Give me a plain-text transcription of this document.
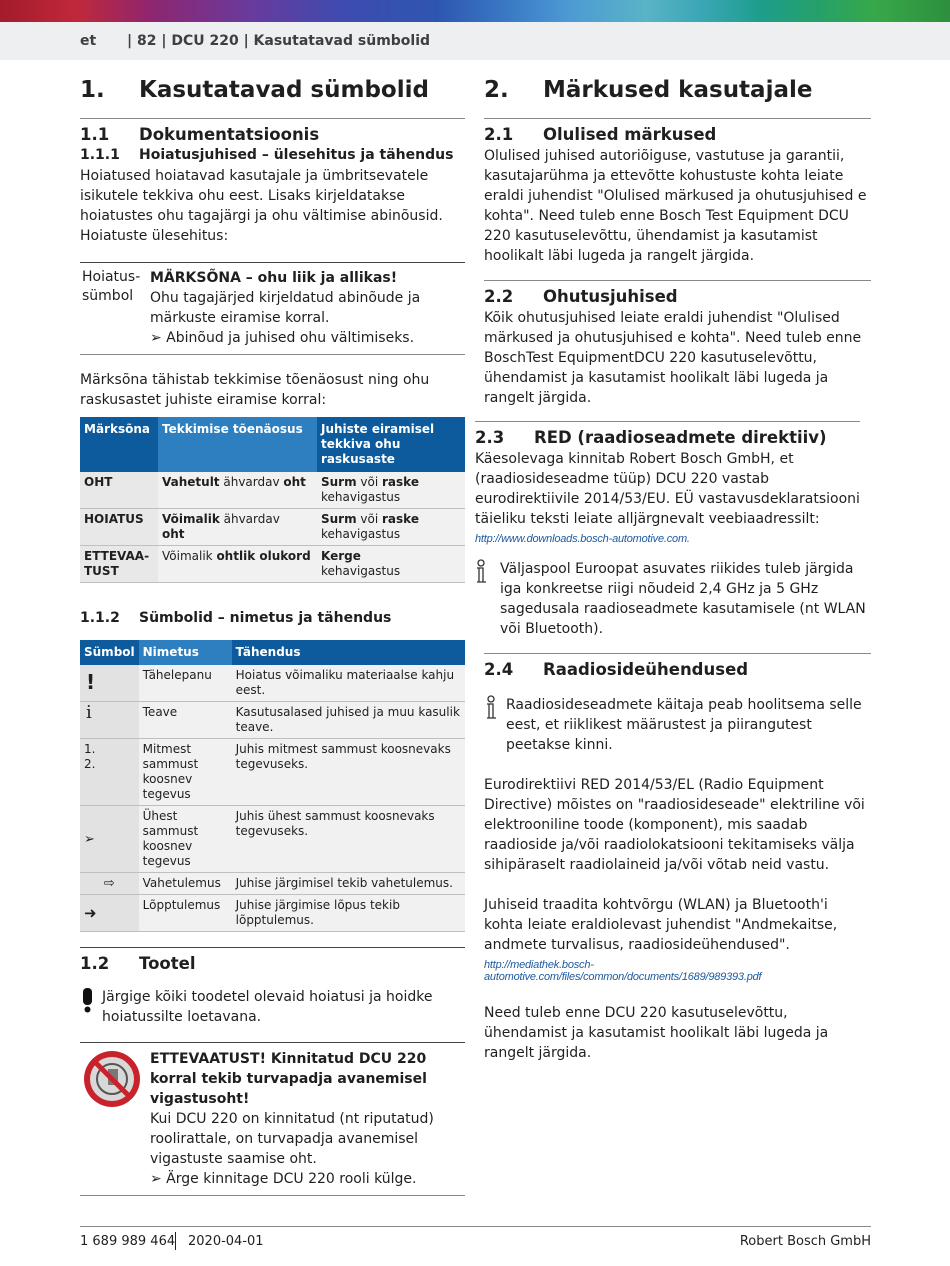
et | 82 | DCU 220 | Kasutatavad sümbolid
1.	Kasutatavad sümbolid
1.1	Dokumentatsioonis
1.1.1	Hoiatusjuhised – ülesehitus ja tähendus
Hoiatused hoiatavad kasutajale ja ümbritsevatele isikutele tekkiva ohu eest. Lisaks kirjeldatakse hoiatustes ohu tagajärgi ja ohu vältimise abinõusid. Hoiatuste ülesehitus:
Hoiatus-sümbol
MÄRKSÕNA – ohu liik ja allikas!
Ohu tagajärjed kirjeldatud abinõude ja märkuste eiramise korral.
➢ Abinõud ja juhised ohu vältimiseks.
Märksõna tähistab tekkimise tõenäosust ning ohu raskusastet juhiste eiramise korral:
Märksõna	Tekkimise tõenäosus	Juhiste eiramisel tekkiva ohu raskusaste
OHT	Vahetult ähvardav oht	Surm või raske
kehavigastus
HOIATUS	Võimalik ähvardav
oht	Surm või raske
kehavigastus
ETTEVAA-TUST	Võimalik ohtlik olukord	Kerge
kehavigastus
1.1.2	Sümbolid – nimetus ja tähendus
Sümbol	Nimetus	Tähendus
!	Tähelepanu	Hoiatus võimaliku materiaalse kahju eest.
i	Teave	Kasutusalased juhised ja muu kasulik teave.
1.
2.	Mitmest sammust koosnev tegevus	Juhis mitmest sammust koosnevaks tegevuseks.
➢	Ühest sammust koosnev tegevus	Juhis ühest sammust koosnevaks tegevuseks.
⇨	Vahetulemus	Juhise järgimisel tekib vahetulemus.
➜	Lõpptulemus	Juhise järgimise lõpus tekib lõpptulemus.
1.2	Tootel
Järgige kõiki toodetel olevaid hoiatusi ja hoidke hoiatussilte loetavana.
ETTEVAATUST! Kinnitatud DCU 220 korral tekib turvapadja avanemisel vigastusoht!
Kui DCU 220 on kinnitatud (nt riputatud) roolirattale, on turvapadja avanemisel vigastuste saamise oht.
➢ Ärge kinnitage DCU 220 rooli külge.
2.	Märkused kasutajale
2.1	Olulised märkused
Olulised juhised autoriõiguse, vastutuse ja garantii, kasutajarühma ja ettevõtte kohustuste kohta leiate eraldi juhendist "Olulised märkused ja ohutusjuhised e kohta". Need tuleb enne Bosch Test Equipment DCU 220 kasutuselevõttu, ühendamist ja kasutamist hoolikalt läbi lugeda ja rangelt järgida.
2.2	Ohutusjuhised
Kõik ohutusjuhised leiate eraldi juhendist "Olulised märkused ja ohutusjuhised e kohta". Need tuleb enne BoschTest EquipmentDCU 220 kasutuselevõttu, ühendamist ja kasutamist hoolikalt läbi lugeda ja rangelt järgida.
2.3	RED (raadioseadmete direktiiv)
Käesolevaga kinnitab Robert Bosch GmbH, et (raadiosideseadme tüüp) DCU 220 vastab eurodirektiivile 2014/53/EU. EÜ vastavusdeklaratsiooni täieliku teksti leiate alljärgnevalt veebiaadressilt:
http://www.downloads.bosch-automotive.com.
Väljaspool Euroopat asuvates riikides tuleb järgida iga konkreetse riigi nõudeid 2,4 GHz ja 5 GHz sagedusala raadioseadmete kasutamisele (nt WLAN või Bluetooth).
2.4	Raadiosideühendused
Raadiosideseadmete käitaja peab hoolitsema selle eest, et riiklikest määrustest ja piirangutest peetakse kinni.
Eurodirektiivi RED 2014/53/EL (Radio Equipment Directive) mõistes on "raadiosideseade" elektriline või elektrooniline toode (komponent), mis saadab raadioside ja/või raadiolokatsiooni tekitamiseks välja sihipäraselt raadiolaineid ja/või võtab neid vastu.
Juhiseid traadita kohtvõrgu (WLAN) ja Bluetooth'i kohta leiate eraldiolevast juhendist "Andmekaitse, andmete turvalisus, raadiosideühendused".
http://mediathek.bosch-automotive.com/files/common/documents/1689/989393.pdf
Need tuleb enne DCU 220 kasutuselevõttu, ühendamist ja kasutamist hoolikalt läbi lugeda ja rangelt järgida.
1 689 989 464 2020-04-01	Robert Bosch GmbH
